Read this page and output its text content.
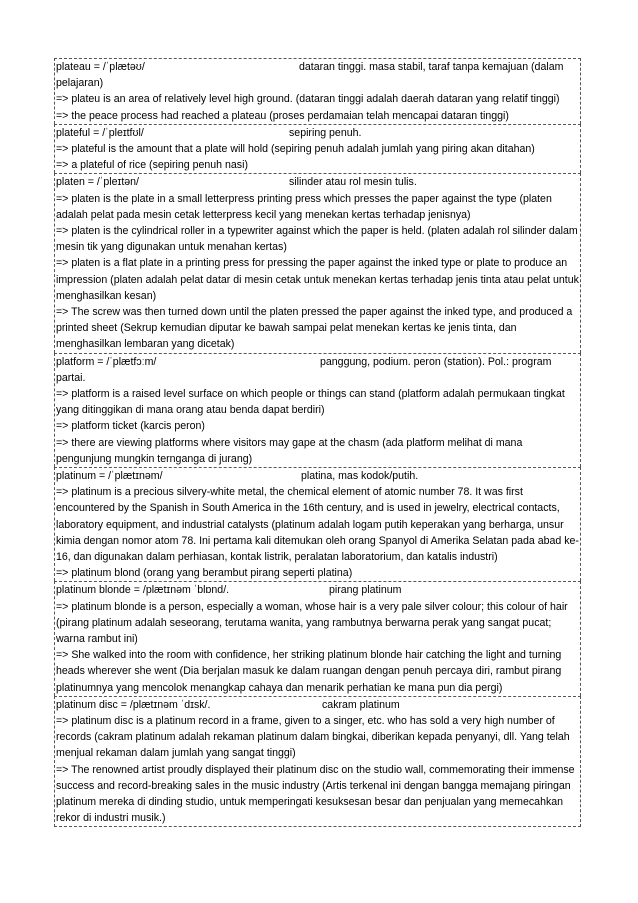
plateau = /ˈplætəʊ/	dataran tinggi. masa stabil, taraf tanpa kemajuan (dalam
pelajaran)
=> plateu is an area of relatively level high ground. (dataran tinggi adalah daerah dataran yang relatif tinggi)
=> the peace process had reached a plateau (proses perdamaian telah mencapai dataran tinggi)
plateful = /ˈpleɪtfʊl/	sepiring penuh.
=> plateful is the amount that a plate will hold (sepiring penuh adalah jumlah yang piring akan ditahan)
=> a plateful of rice (sepiring penuh nasi)
platen = /ˈpleɪtən/	silinder atau rol mesin tulis.
=> platen is the plate in a small letterpress printing press which presses the paper against the type (platen adalah pelat pada mesin cetak letterpress kecil yang menekan kertas terhadap jenisnya)
=> platen is the cylindrical roller in a typewriter against which the paper is held. (platen adalah rol silinder dalam mesin tik yang digunakan untuk menahan kertas)
=> platen is a flat plate in a printing press for pressing the paper against the inked type or plate to produce an impression (platen adalah pelat datar di mesin cetak untuk menekan kertas terhadap jenis tinta atau pelat untuk menghasilkan kesan)
=> The screw was then turned down until the platen pressed the paper against the inked type, and produced a printed sheet (Sekrup kemudian diputar ke bawah sampai pelat menekan kertas ke jenis tinta, dan menghasilkan lembaran yang dicetak)
platform = /ˈplætfɔːm/	panggung, podium. peron (station). Pol.: program
partai.
=> platform is a raised level surface on which people or things can stand (platform adalah permukaan tingkat yang ditinggikan di mana orang atau benda dapat berdiri)
=> platform ticket (karcis peron)
=> there are viewing platforms where visitors may gape at the chasm (ada platform melihat di mana pengunjung mungkin ternganga di jurang)
platinum = /ˈplætɪnəm/	platina, mas kodok/putih.
=> platinum is a precious silvery-white metal, the chemical element of atomic number 78. It was first encountered by the Spanish in South America in the 16th century, and is used in jewelry, electrical contacts, laboratory equipment, and industrial catalysts (platinum adalah logam putih keperakan yang berharga, unsur kimia dengan nomor atom 78. Ini pertama kali ditemukan oleh orang Spanyol di Amerika Selatan pada abad ke-16, dan digunakan dalam perhiasan, kontak listrik, peralatan laboratorium, dan katalis industri)
=> platinum blond (orang yang berambut pirang seperti platina)
platinum blonde = /plætɪnəm ˈblɒnd/.	pirang platinum
=> platinum blonde is a person, especially a woman, whose hair is a very pale silver colour; this colour of hair (pirang platinum adalah seseorang, terutama wanita, yang rambutnya berwarna perak yang sangat pucat; warna rambut ini)
=> She walked into the room with confidence, her striking platinum blonde hair catching the light and turning heads wherever she went (Dia berjalan masuk ke dalam ruangan dengan penuh percaya diri, rambut pirang platinumnya yang mencolok menangkap cahaya dan menarik perhatian ke mana pun dia pergi)
platinum disc = /plætɪnəm ˈdɪsk/.	cakram platinum
=> platinum disc is a platinum record in a frame, given to a singer, etc. who has sold a very high number of records (cakram platinum adalah rekaman platinum dalam bingkai, diberikan kepada penyanyi, dll. Yang telah menjual rekaman dalam jumlah yang sangat tinggi)
=> The renowned artist proudly displayed their platinum disc on the studio wall, commemorating their immense success and record-breaking sales in the music industry (Artis terkenal ini dengan bangga memajang piringan platinum mereka di dinding studio, untuk memperingati kesuksesan besar dan penjualan yang memecahkan rekor di industri musik.)
